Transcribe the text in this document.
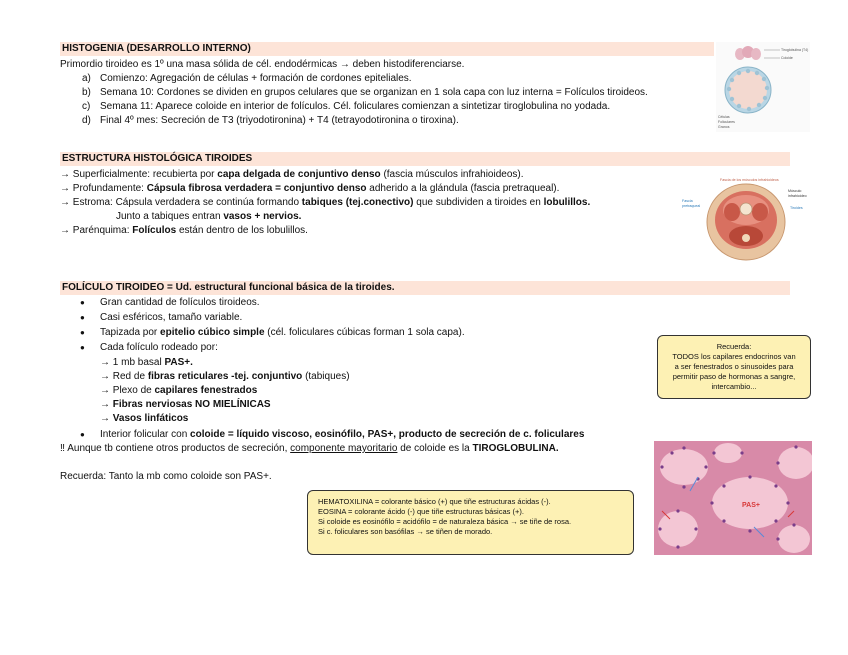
HISTOGENIA (DESARROLLO INTERNO)
Primordio tiroideo es 1º una masa sólida de cél. endodérmicas → deben histodiferenciarse.
a) Comienzo: Agregación de células + formación de cordones epiteliales.
b) Semana 10: Cordones se dividen en grupos celulares que se organizan en 1 sola capa con luz interna = Folículos tiroideos.
c) Semana 11: Aparece coloide en interior de folículos. Cél. foliculares comienzan a sintetizar tiroglobulina no yodada.
d) Final 4º mes: Secreción de T3 (triyodotironina) + T4 (tetrayodotironina o tiroxina).
Tiroglobulina (T4)
Coloide
Células
Foliculares
Granos
ESTRUCTURA HISTOLÓGICA TIROIDES
→ Superficialmente: recubierta por capa delgada de conjuntivo denso (fascia músculos infrahioideos).
→ Profundamente: Cápsula fibrosa verdadera = conjuntivo denso adherido a la glándula (fascia pretraqueal).
→ Estroma: Cápsula verdadera se continúa formando tabiques (tej.conectivo) que subdividen a tiroides en lobulillos.
Junto a tabiques entran vasos + nervios.
→ Parénquima: Folículos están dentro de los lobulillos.
Fascia de los músculos infrahioideos
Músculo
infrahioideo
Tiroides
Fascia
pretraqueal
FOLÍCULO TIROIDEO = Ud. estructural funcional básica de la tiroides.
● Gran cantidad de folículos tiroideos.
● Casi esféricos, tamaño variable.
● Tapizada por epitelio cúbico simple (cél. foliculares cúbicas forman 1 sola capa).
● Cada folículo rodeado por:
→ 1 mb basal PAS+.
→ Red de fibras reticulares -tej. conjuntivo (tabiques)
→ Plexo de capilares fenestrados
→ Fibras nerviosas NO MIELÍNICAS
→ Vasos linfáticos
● Interior folicular con coloide = líquido viscoso, eosinófilo, PAS+, producto de secreción de c. foliculares
‼ Aunque tb contiene otros productos de secreción, componente mayoritario de coloide es la TIROGLOBULINA.
Recuerda: Tanto la mb como coloide son PAS+.
Recuerda:
TODOS los capilares endocrinos van
a ser fenestrados o sinusoides para
permitir paso de hormonas a sangre,
intercambio...
PAS+
HEMATOXILINA = colorante básico (+) que tiñe estructuras ácidas (-).
EOSINA = colorante ácido (-) que tiñe estructuras básicas (+).
Si coloide es eosinófilo = acidófilo = de naturaleza básica → se tiñe de rosa.
Si c. foliculares son basófilas → se tiñen de morado.
